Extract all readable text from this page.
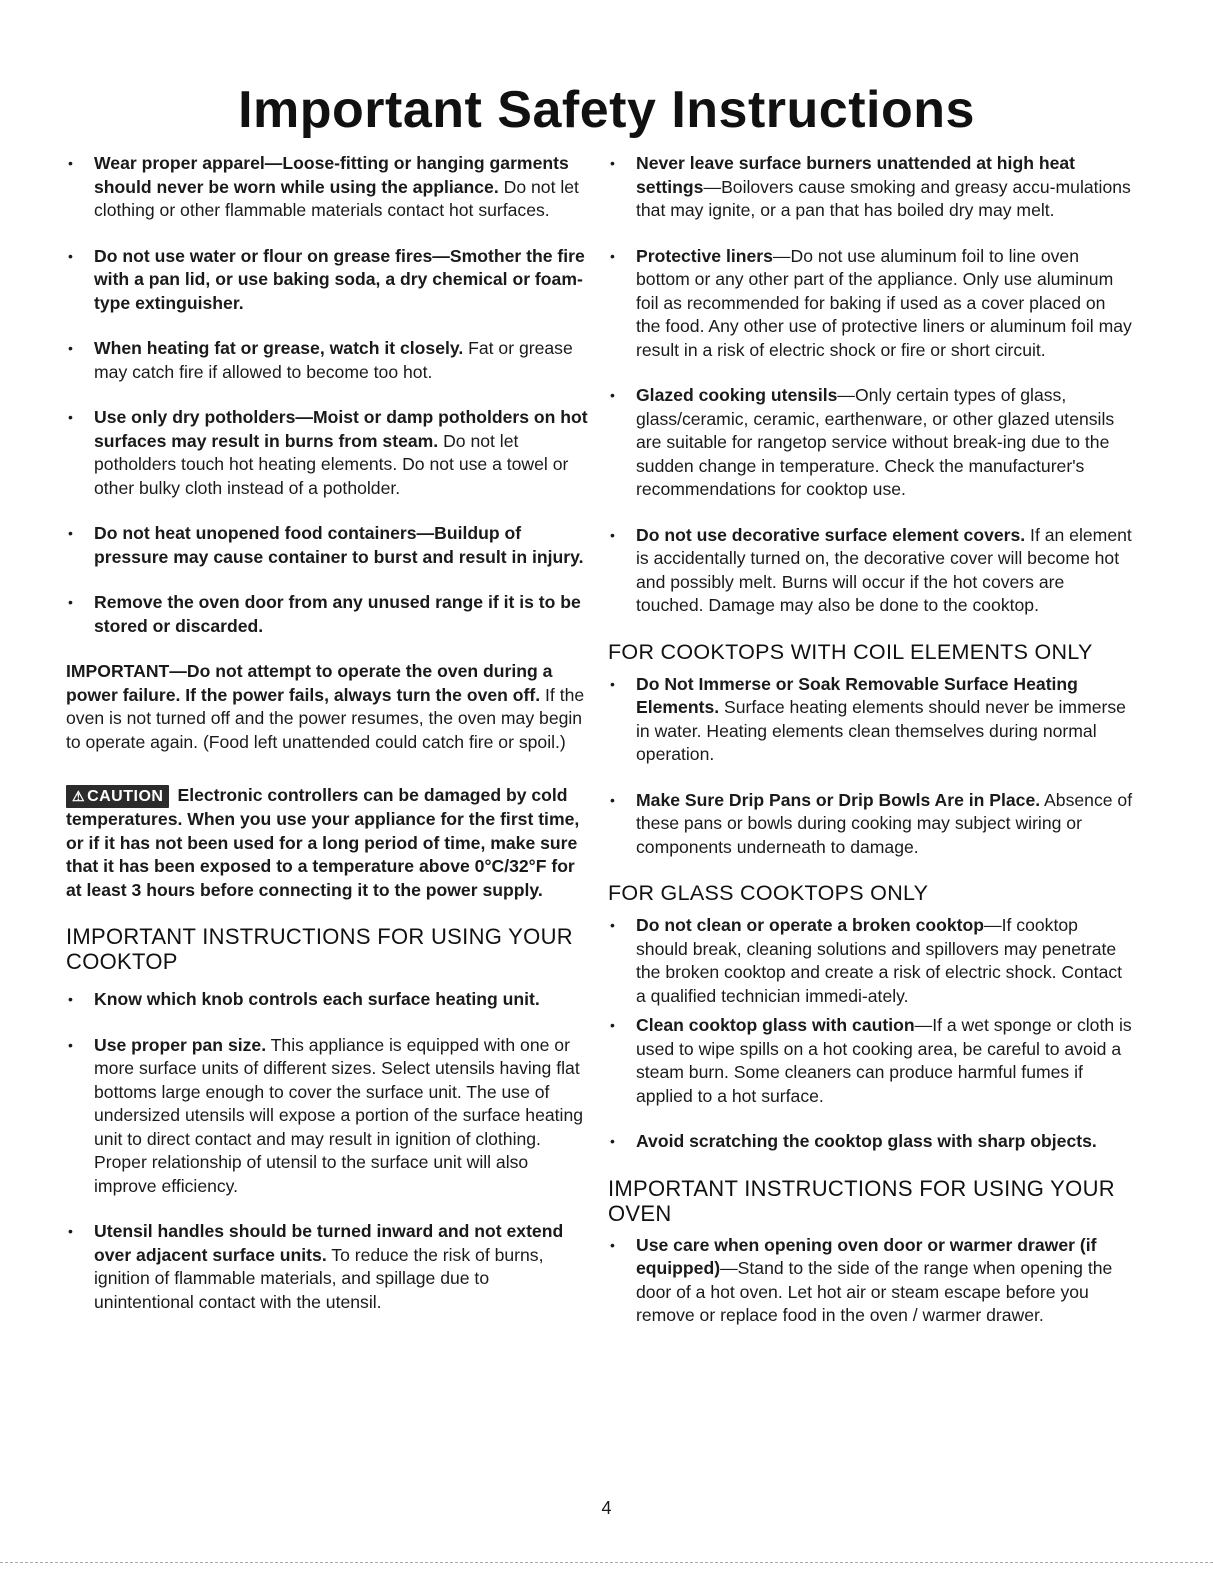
Important Safety Instructions
• Wear proper apparel—Loose-fitting or hanging garments should never be worn while using the appliance. Do not let clothing or other flammable materials contact hot surfaces.
• Do not use water or flour on grease fires—Smother the fire with a pan lid, or use baking soda, a dry chemical or foam-type extinguisher.
• When heating fat or grease, watch it closely. Fat or grease may catch fire if allowed to become too hot.
• Use only dry potholders—Moist or damp potholders on hot surfaces may result in burns from steam. Do not let potholders touch hot heating elements. Do not use a towel or other bulky cloth instead of a potholder.
• Do not heat unopened food containers—Buildup of pressure may cause container to burst and result in injury.
• Remove the oven door from any unused range if it is to be stored or discarded.
IMPORTANT—Do not attempt to operate the oven during a power failure. If the power fails, always turn the oven off. If the oven is not turned off and the power resumes, the oven may begin to operate again. (Food left unattended could catch fire or spoil.)
⚠ CAUTION Electronic controllers can be damaged by cold temperatures. When you use your appliance for the first time, or if it has not been used for a long period of time, make sure that it has been exposed to a temperature above 0°C/32°F for at least 3 hours before connecting it to the power supply.
IMPORTANT INSTRUCTIONS FOR USING YOUR COOKTOP
• Know which knob controls each surface heating unit.
• Use proper pan size. This appliance is equipped with one or more surface units of different sizes. Select utensils having flat bottoms large enough to cover the surface unit. The use of undersized utensils will expose a portion of the surface heating unit to direct contact and may result in ignition of clothing. Proper relationship of utensil to the surface unit will also improve efficiency.
• Utensil handles should be turned inward and not extend over adjacent surface units. To reduce the risk of burns, ignition of flammable materials, and spillage due to unintentional contact with the utensil.
• Never leave surface burners unattended at high heat settings—Boilovers cause smoking and greasy accu-mulations that may ignite, or a pan that has boiled dry may melt.
• Protective liners—Do not use aluminum foil to line oven bottom or any other part of the appliance. Only use aluminum foil as recommended for baking if used as a cover placed on the food. Any other use of protective liners or aluminum foil may result in a risk of electric shock or fire or short circuit.
• Glazed cooking utensils—Only certain types of glass, glass/ceramic, ceramic, earthenware, or other glazed utensils are suitable for rangetop service without break-ing due to the sudden change in temperature. Check the manufacturer's recommendations for cooktop use.
• Do not use decorative surface element covers. If an element is accidentally turned on, the decorative cover will become hot and possibly melt. Burns will occur if the hot covers are touched. Damage may also be done to the cooktop.
FOR COOKTOPS WITH COIL ELEMENTS ONLY
• Do Not Immerse or Soak Removable Surface Heating Elements. Surface heating elements should never be immerse in water. Heating elements clean themselves during normal operation.
• Make Sure Drip Pans or Drip Bowls Are in Place. Absence of these pans or bowls during cooking may subject wiring or components underneath to damage.
FOR GLASS COOKTOPS ONLY
• Do not clean or operate a broken cooktop—If cooktop should break, cleaning solutions and spillovers may penetrate the broken cooktop and create a risk of electric shock. Contact a qualified technician immedi-ately.
• Clean cooktop glass with caution—If a wet sponge or cloth is used to wipe spills on a hot cooking area, be careful to avoid a steam burn. Some cleaners can produce harmful fumes if applied to a hot surface.
• Avoid scratching the cooktop glass with sharp objects.
IMPORTANT INSTRUCTIONS FOR USING YOUR OVEN
• Use care when opening oven door or warmer drawer (if equipped)—Stand to the side of the range when opening the door of a hot oven. Let hot air or steam escape before you remove or replace food in the oven / warmer drawer.
4
